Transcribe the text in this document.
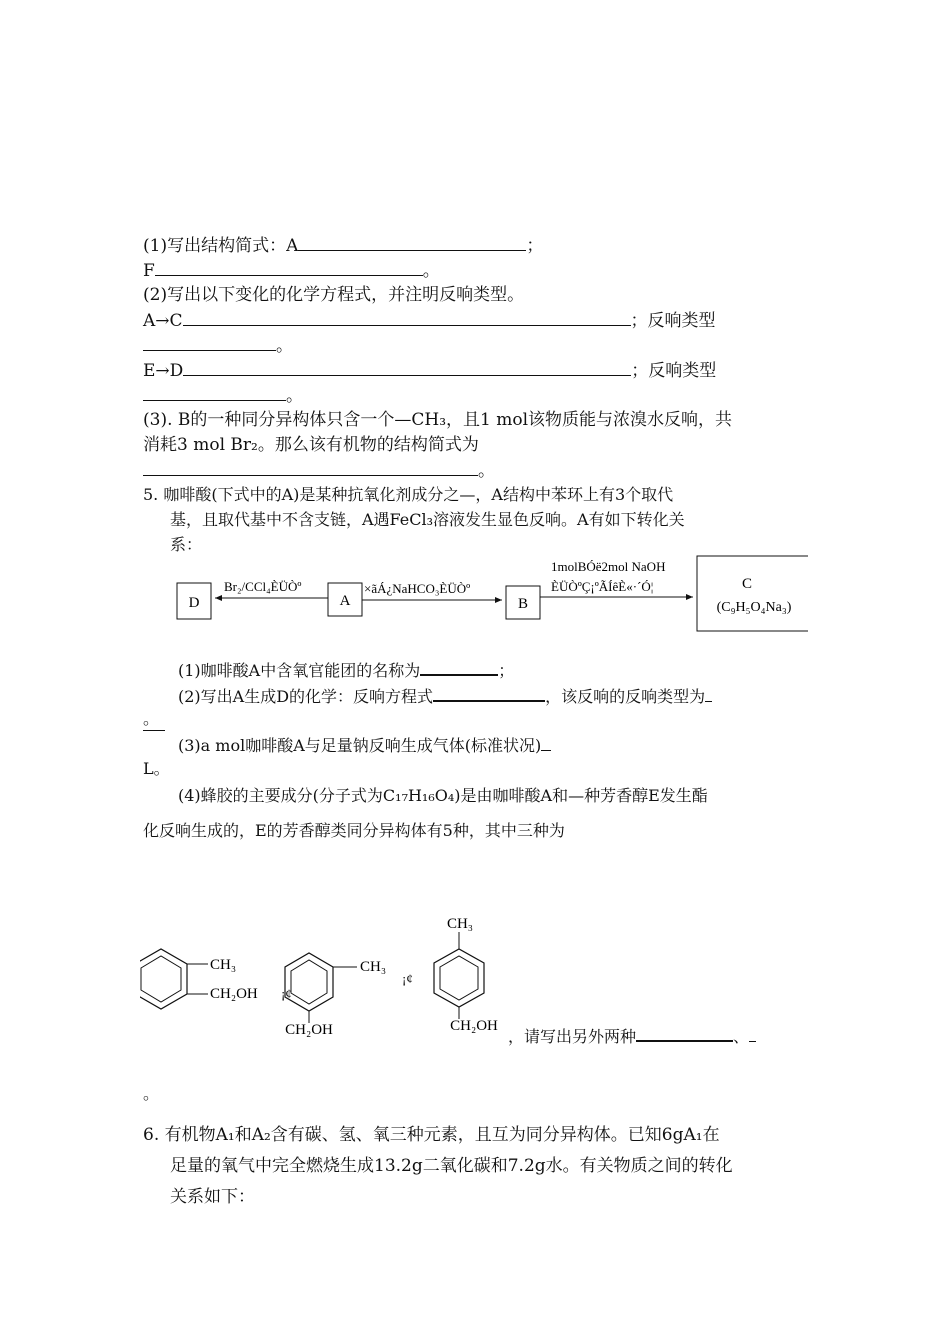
(1)写出结构简式：A	；
F	。
(2)写出以下变化的化学方程式，并注明反响类型。
A→C	；反响类型
。
E→D	；反响类型
。
(3). B的一种同分异构体只含一个—CH₃，且1 mol该物质能与浓溴水反响，共
消耗3 mol Br₂。那么该有机物的结构简式为
。
5. 咖啡酸(下式中的A)是某种抗氧化剂成分之—，A结构中苯环上有3个取代
基，且取代基中不含支链，A遇FeCl₃溶液发生显色反响。A有如下转化关
系：
D	A	B
C
(C₉H₅O₄Na₃)
Br₂/CCl₄ÈÜÒº	×ãÁ¿NaHCO₃ÈÜÒº
1molBÓë2mol NaOH
ÈÜÒºÇ¡ºÃÍêÈ«·´Ó¦
(1)咖啡酸A中含氧官能团的名称为	；
(2)写出A生成D的化学：反响方程式	，该反响的反响类型为
。
(3)a mol咖啡酸A与足量钠反响生成气体(标准状况)
L。
(4)蜂胶的主要成分(分子式为C₁₇H₁₆O₄)是由咖啡酸A和—种芳香醇E发生酯
化反响生成的，E的芳香醇类同分异构体有5种，其中三种为
CH₃
CH₂OH ¡¢
CH₃
CH₂OH
¡¢
CH₃
CH₂OH
，请写出另外两种	、
。
6. 有机物A₁和A₂含有碳、氢、氧三种元素，且互为同分异构体。已知6gA₁在
足量的氧气中完全燃烧生成13.2g二氧化碳和7.2g水。有关物质之间的转化
关系如下：
